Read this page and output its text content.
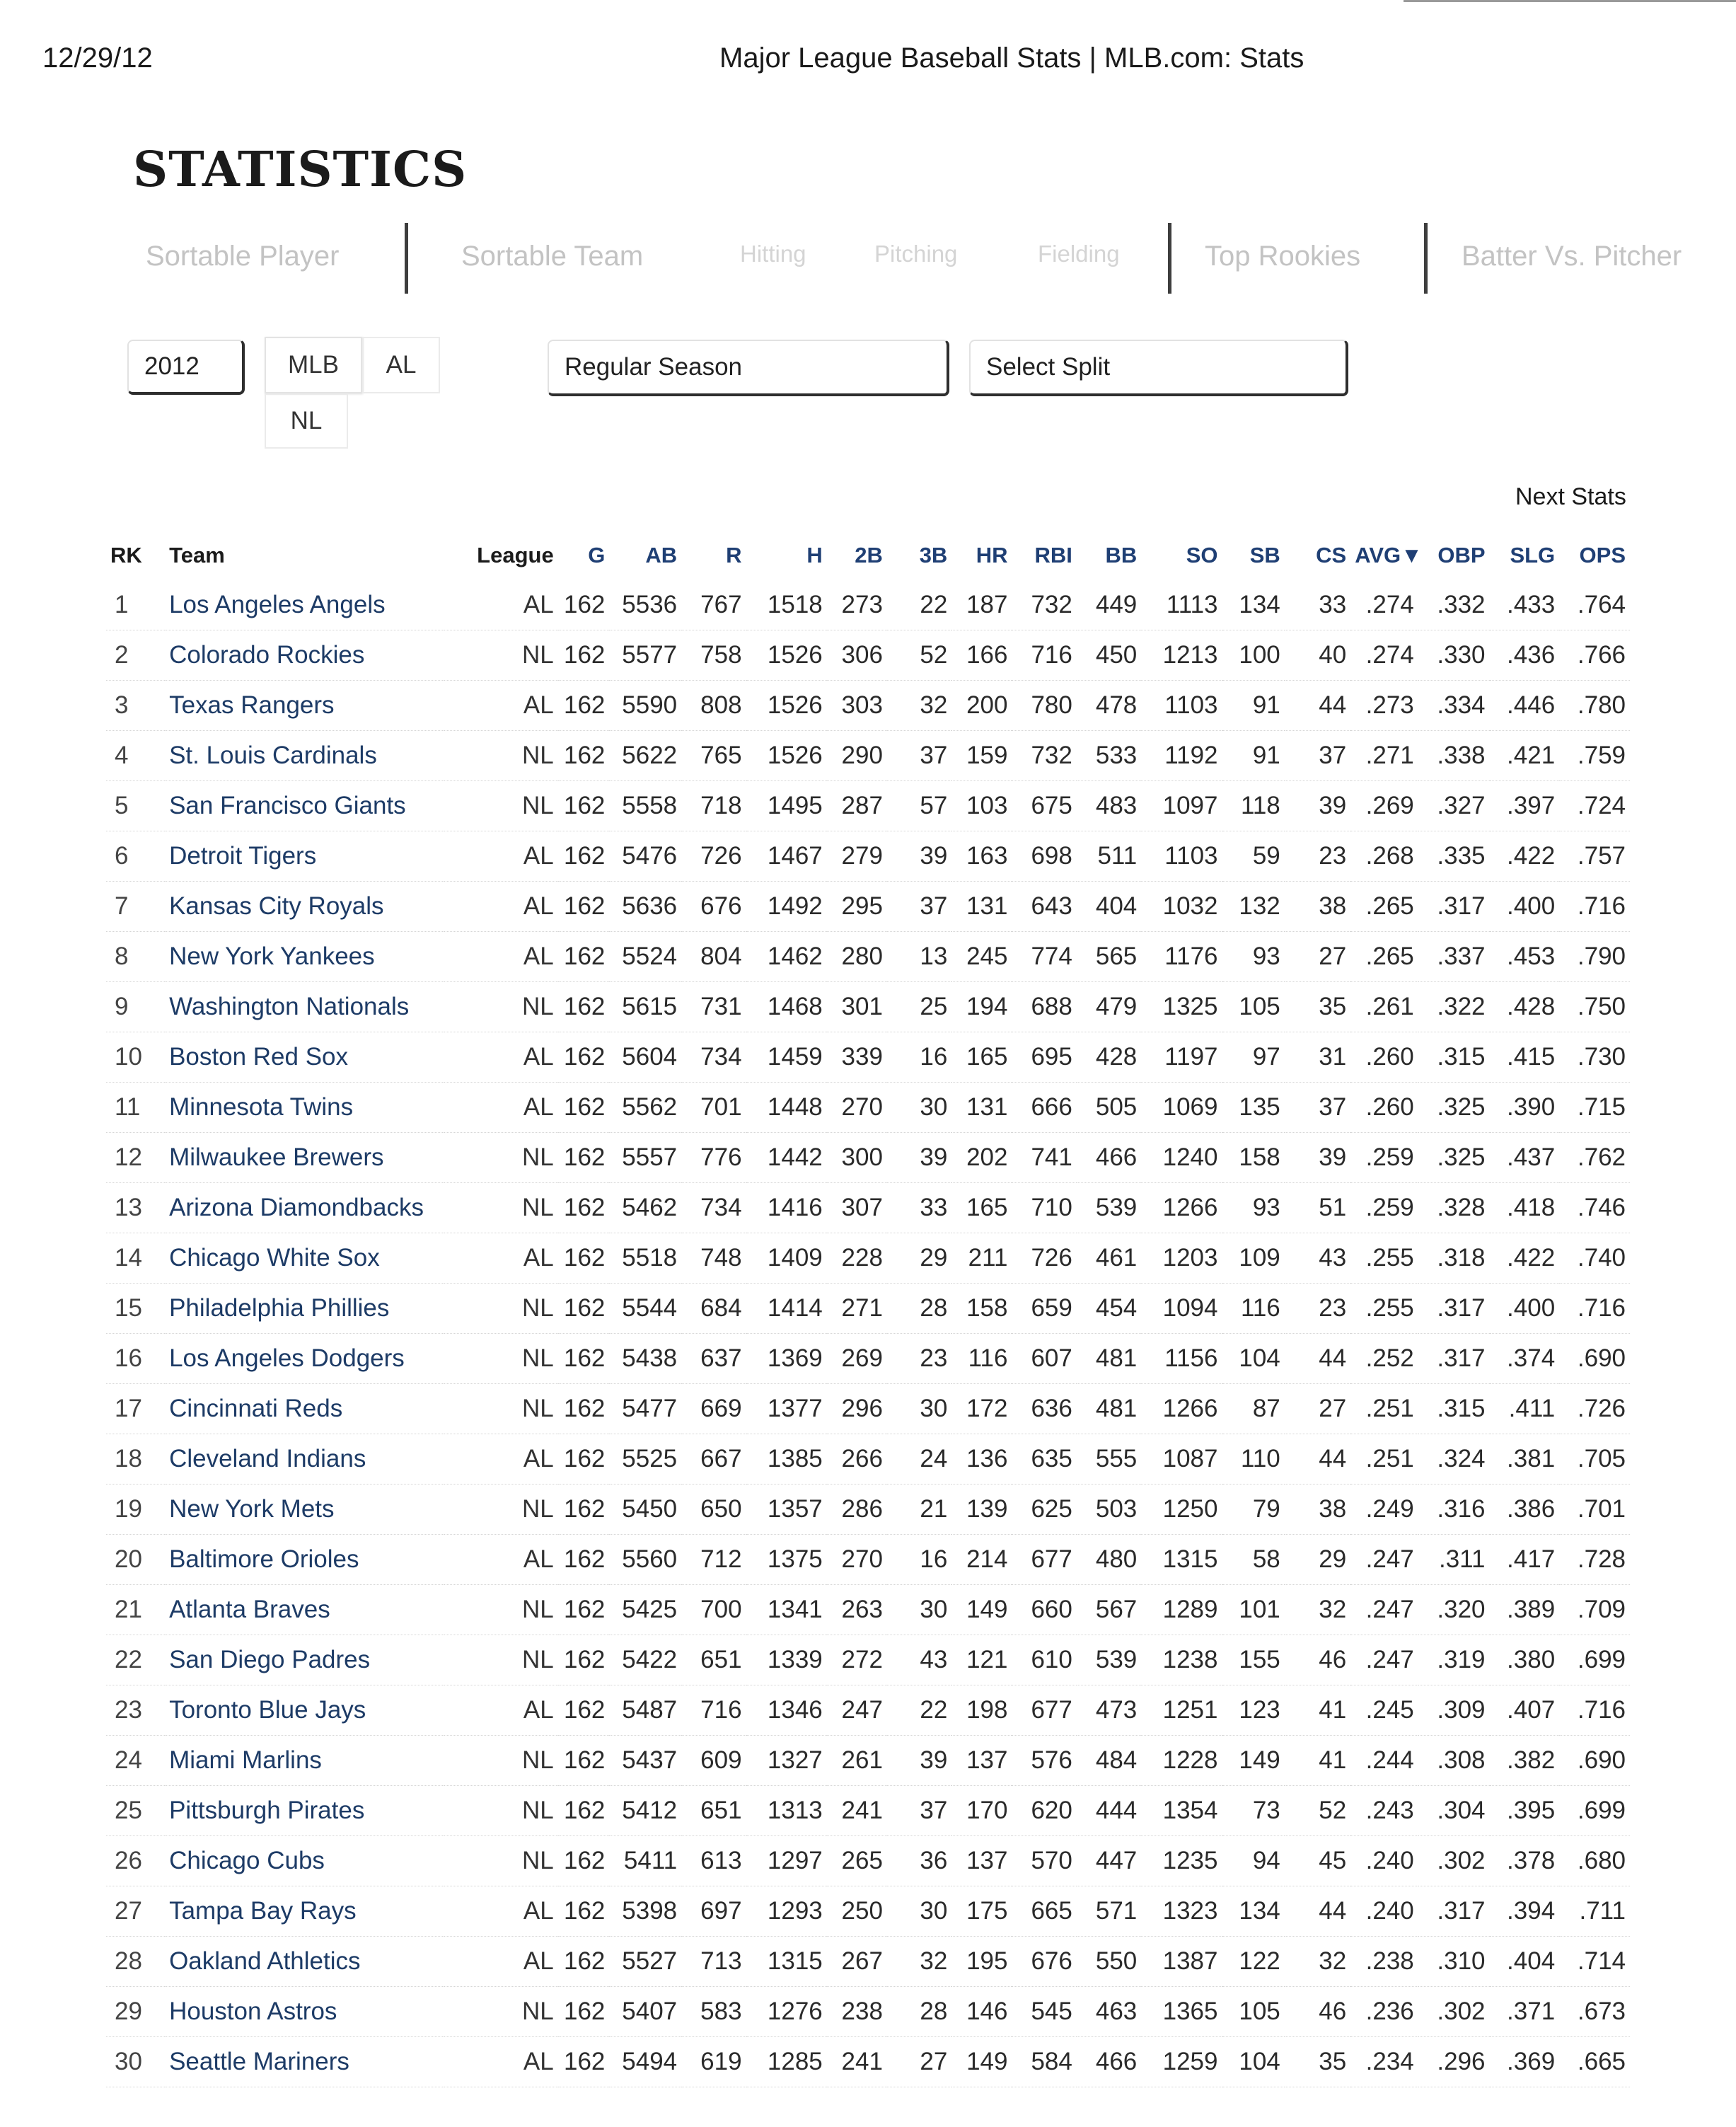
12/29/12	Major League Baseball Stats | MLB.com: Stats
STATISTICS
Sortable Player	Sortable Team	Hitting	Pitching	Fielding	Top Rookies	Batter Vs. Pitcher
2012	MLB	AL
NL
Regular Season	Select Split
Next Stats
RK	Team	League	G	AB	R	H	2B	3B	HR	RBI	BB	SO	SB	CS	AVG▼	OBP	SLG	OPS
1	Los Angeles Angels	AL	162	5536	767	1518	273	22	187	732	449	1113	134	33	.274	.332	.433	.764
2	Colorado Rockies	NL	162	5577	758	1526	306	52	166	716	450	1213	100	40	.274	.330	.436	.766
3	Texas Rangers	AL	162	5590	808	1526	303	32	200	780	478	1103	91	44	.273	.334	.446	.780
4	St. Louis Cardinals	NL	162	5622	765	1526	290	37	159	732	533	1192	91	37	.271	.338	.421	.759
5	San Francisco Giants	NL	162	5558	718	1495	287	57	103	675	483	1097	118	39	.269	.327	.397	.724
6	Detroit Tigers	AL	162	5476	726	1467	279	39	163	698	511	1103	59	23	.268	.335	.422	.757
7	Kansas City Royals	AL	162	5636	676	1492	295	37	131	643	404	1032	132	38	.265	.317	.400	.716
8	New York Yankees	AL	162	5524	804	1462	280	13	245	774	565	1176	93	27	.265	.337	.453	.790
9	Washington Nationals	NL	162	5615	731	1468	301	25	194	688	479	1325	105	35	.261	.322	.428	.750
10	Boston Red Sox	AL	162	5604	734	1459	339	16	165	695	428	1197	97	31	.260	.315	.415	.730
11	Minnesota Twins	AL	162	5562	701	1448	270	30	131	666	505	1069	135	37	.260	.325	.390	.715
12	Milwaukee Brewers	NL	162	5557	776	1442	300	39	202	741	466	1240	158	39	.259	.325	.437	.762
13	Arizona Diamondbacks	NL	162	5462	734	1416	307	33	165	710	539	1266	93	51	.259	.328	.418	.746
14	Chicago White Sox	AL	162	5518	748	1409	228	29	211	726	461	1203	109	43	.255	.318	.422	.740
15	Philadelphia Phillies	NL	162	5544	684	1414	271	28	158	659	454	1094	116	23	.255	.317	.400	.716
16	Los Angeles Dodgers	NL	162	5438	637	1369	269	23	116	607	481	1156	104	44	.252	.317	.374	.690
17	Cincinnati Reds	NL	162	5477	669	1377	296	30	172	636	481	1266	87	27	.251	.315	.411	.726
18	Cleveland Indians	AL	162	5525	667	1385	266	24	136	635	555	1087	110	44	.251	.324	.381	.705
19	New York Mets	NL	162	5450	650	1357	286	21	139	625	503	1250	79	38	.249	.316	.386	.701
20	Baltimore Orioles	AL	162	5560	712	1375	270	16	214	677	480	1315	58	29	.247	.311	.417	.728
21	Atlanta Braves	NL	162	5425	700	1341	263	30	149	660	567	1289	101	32	.247	.320	.389	.709
22	San Diego Padres	NL	162	5422	651	1339	272	43	121	610	539	1238	155	46	.247	.319	.380	.699
23	Toronto Blue Jays	AL	162	5487	716	1346	247	22	198	677	473	1251	123	41	.245	.309	.407	.716
24	Miami Marlins	NL	162	5437	609	1327	261	39	137	576	484	1228	149	41	.244	.308	.382	.690
25	Pittsburgh Pirates	NL	162	5412	651	1313	241	37	170	620	444	1354	73	52	.243	.304	.395	.699
26	Chicago Cubs	NL	162	5411	613	1297	265	36	137	570	447	1235	94	45	.240	.302	.378	.680
27	Tampa Bay Rays	AL	162	5398	697	1293	250	30	175	665	571	1323	134	44	.240	.317	.394	.711
28	Oakland Athletics	AL	162	5527	713	1315	267	32	195	676	550	1387	122	32	.238	.310	.404	.714
29	Houston Astros	NL	162	5407	583	1276	238	28	146	545	463	1365	105	46	.236	.302	.371	.673
30	Seattle Mariners	AL	162	5494	619	1285	241	27	149	584	466	1259	104	35	.234	.296	.369	.665
